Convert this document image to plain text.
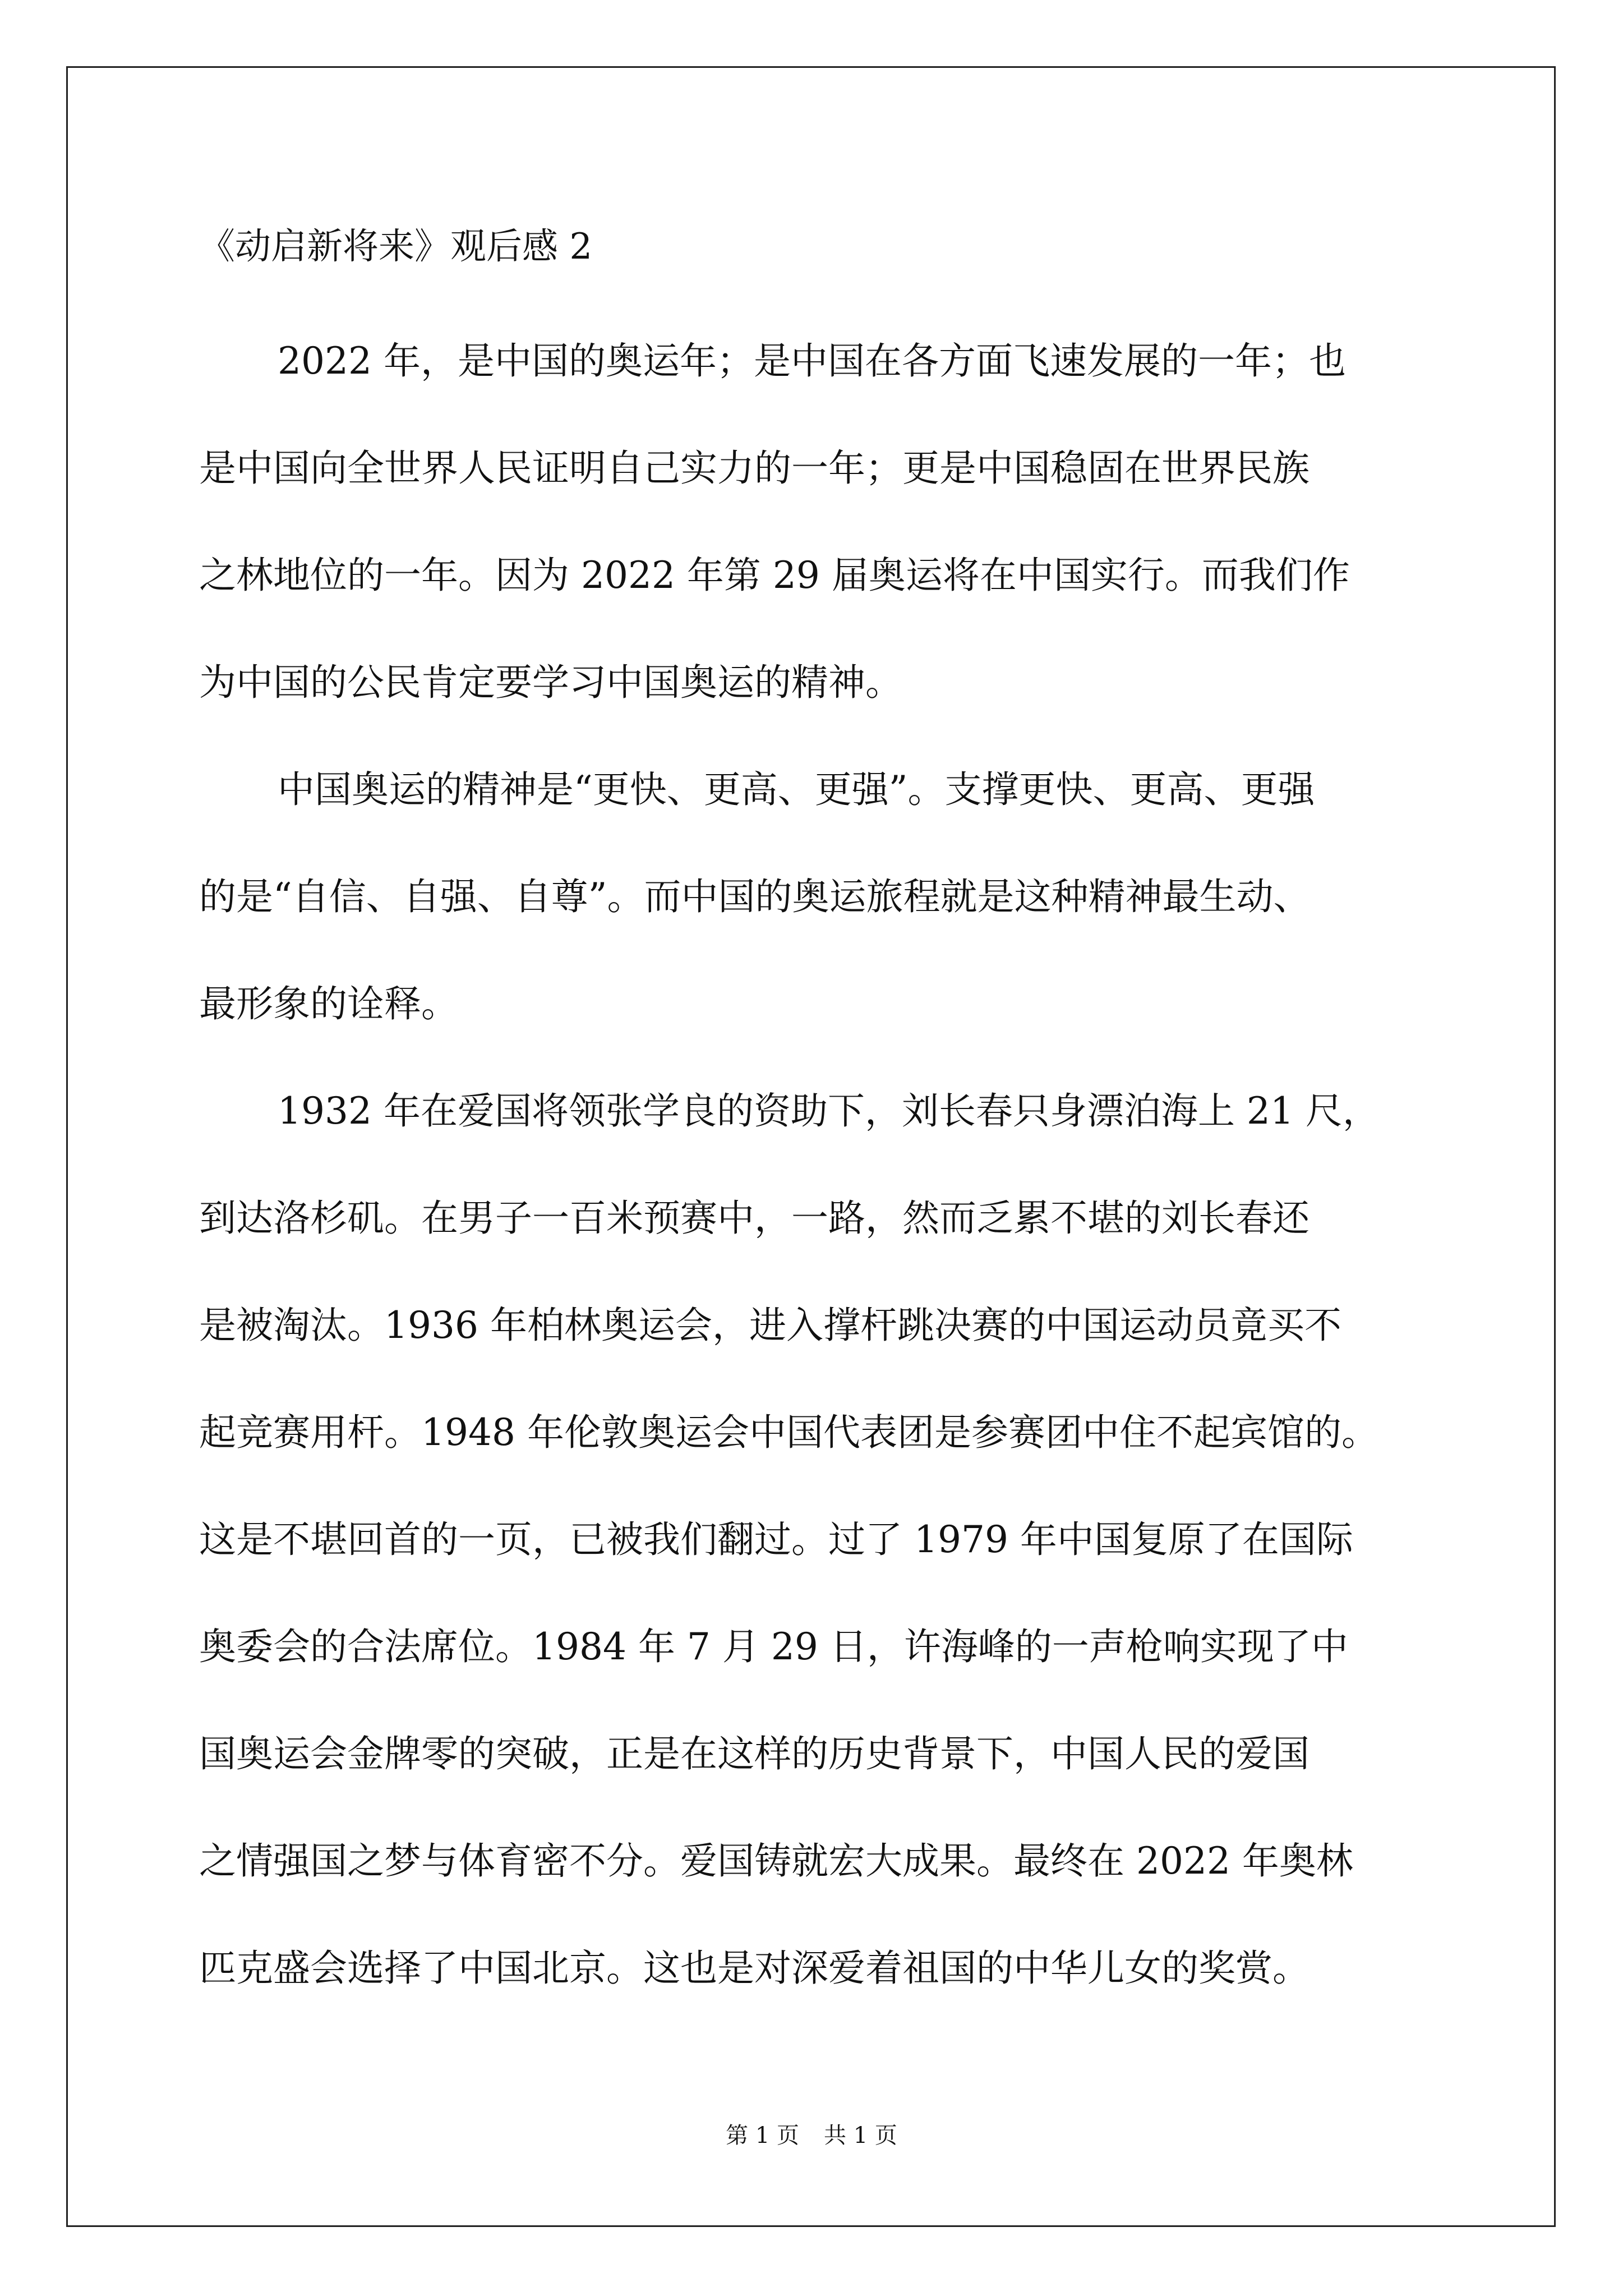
《动启新将来》观后感 2
2022 年，是中国的奥运年；是中国在各方面飞速发展的一年；也
是中国向全世界人民证明自己实力的一年；更是中国稳固在世界民族
之林地位的一年。因为 2022 年第 29 届奥运将在中国实行。而我们作
为中国的公民肯定要学习中国奥运的精神。
中国奥运的精神是“更快、更高、更强”。支撑更快、更高、更强
的是“自信、自强、自尊”。而中国的奥运旅程就是这种精神最生动、
最形象的诠释。
1932 年在爱国将领张学良的资助下，刘长春只身漂泊海上 21 尺，
到达洛杉矶。在男子一百米预赛中，一路，然而乏累不堪的刘长春还
是被淘汰。1936 年柏林奥运会，进入撑杆跳决赛的中国运动员竟买不
起竞赛用杆。1948 年伦敦奥运会中国代表团是参赛团中住不起宾馆的。
这是不堪回首的一页，已被我们翻过。过了 1979 年中国复原了在国际
奥委会的合法席位。1984 年 7 月 29 日，许海峰的一声枪响实现了中
国奥运会金牌零的突破，正是在这样的历史背景下，中国人民的爱国
之情强国之梦与体育密不分。爱国铸就宏大成果。最终在 2022 年奥林
匹克盛会选择了中国北京。这也是对深爱着祖国的中华儿女的奖赏。
第 1 页 共 1 页
